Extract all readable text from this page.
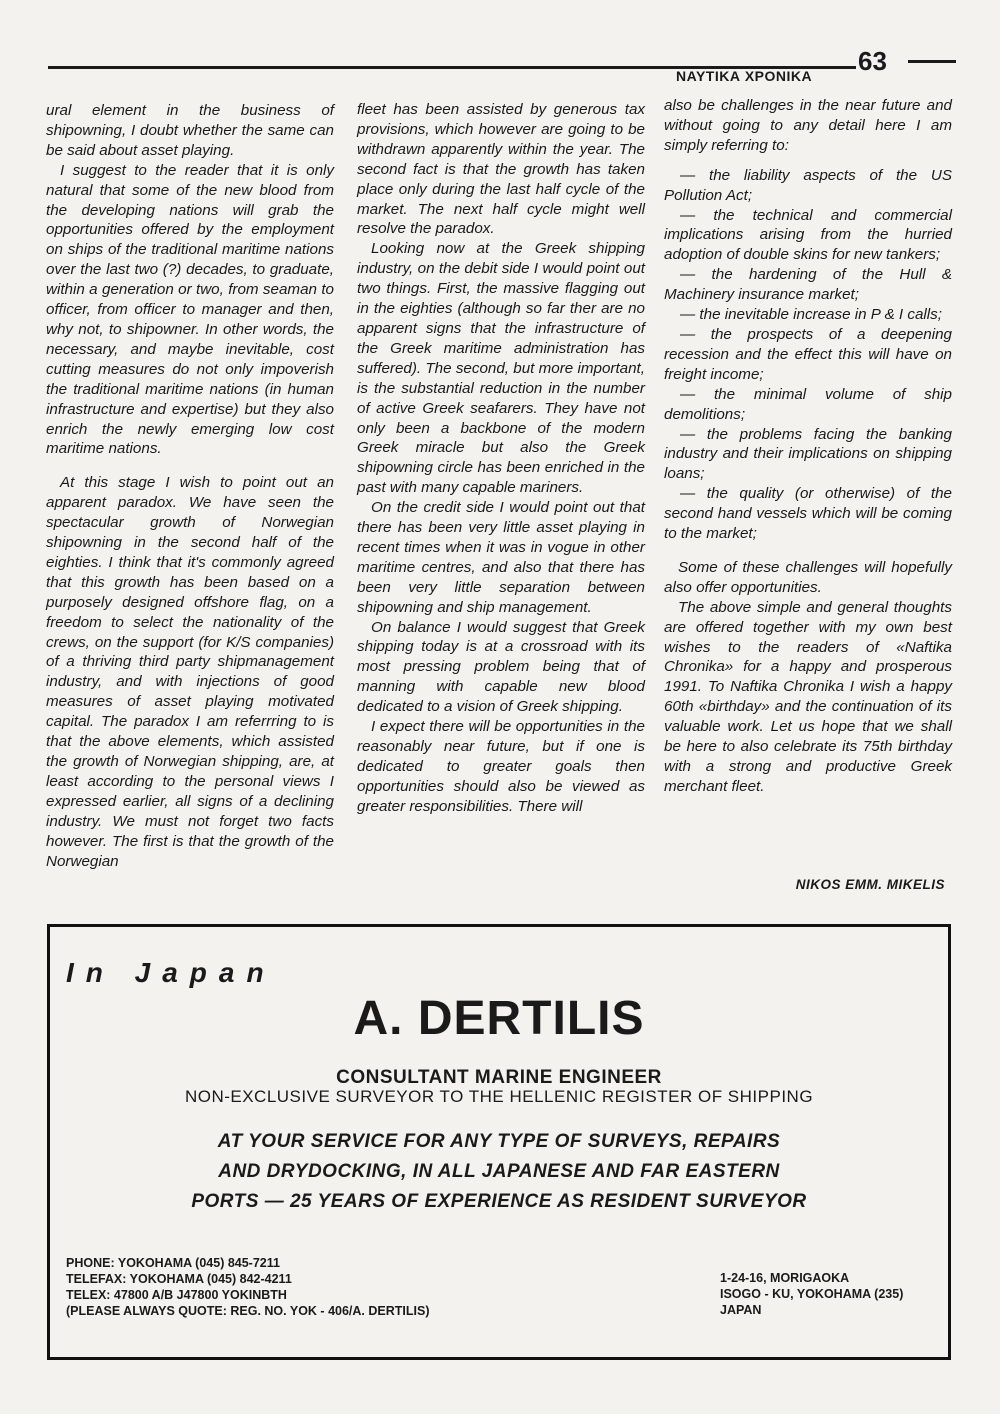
ΝΑΥΤΙΚΑ ΧΡΟΝΙΚΑ 63

ural element in the business of shipowning, I doubt whether the same can be said about asset playing.

I suggest to the reader that it is only natural that some of the new blood from the developing nations will grab the opportunities offered by the employment on ships of the traditional maritime nations over the last two (?) decades, to graduate, within a generation or two, from seaman to officer, from officer to manager and then, why not, to shipowner. In other words, the necessary, and maybe inevitable, cost cutting measures do not only impoverish the traditional maritime nations (in human infrastructure and expertise) but they also enrich the newly emerging low cost maritime nations.

At this stage I wish to point out an apparent paradox. We have seen the spectacular growth of Norwegian shipowning in the second half of the eighties. I think that it's commonly agreed that this growth has been based on a purposely designed offshore flag, on a freedom to select the nationality of the crews, on the support (for K/S companies) of a thriving third party shipmanagement industry, and with injections of good measures of asset playing motivated capital. The paradox I am referrring to is that the above elements, which assisted the growth of Norwegian shipping, are, at least according to the personal views I expressed earlier, all signs of a declining industry. We must not forget two facts however. The first is that the growth of the Norwegian

fleet has been assisted by generous tax provisions, which however are going to be withdrawn apparently within the year. The second fact is that the growth has taken place only during the last half cycle of the market. The next half cycle might well resolve the paradox.

Looking now at the Greek shipping industry, on the debit side I would point out two things. First, the massive flagging out in the eighties (although so far ther are no apparent signs that the infrastructure of the Greek maritime administration has suffered). The second, but more important, is the substantial reduction in the number of active Greek seafarers. They have not only been a backbone of the modern Greek miracle but also the Greek shipowning circle has been enriched in the past with many capable mariners.

On the credit side I would point out that there has been very little asset playing in recent times when it was in vogue in other maritime centres, and also that there has been very little separation between shipowning and ship management.

On balance I would suggest that Greek shipping today is at a crossroad with its most pressing problem being that of manning with capable new blood dedicated to a vision of Greek shipping.

I expect there will be opportunities in the reasonably near future, but if one is dedicated to greater goals then opportunities should also be viewed as greater responsibilities. There will

also be challenges in the near future and without going to any detail here I am simply referring to:

— the liability aspects of the US Pollution Act;

— the technical and commercial implications arising from the hurried adoption of double skins for new tankers;

— the hardening of the Hull & Machinery insurance market;

— the inevitable increase in P & I calls;

— the prospects of a deepening recession and the effect this will have on freight income;

— the minimal volume of ship demolitions;

— the problems facing the banking industry and their implications on shipping loans;

— the quality (or otherwise) of the second hand vessels which will be coming to the market;

Some of these challenges will hopefully also offer opportunities.

The above simple and general thoughts are offered together with my own best wishes to the readers of «Naftika Chronika» for a happy and prosperous 1991. To Naftika Chronika I wish a happy 60th «birthday» and the continuation of its valuable work. Let us hope that we shall be here to also celebrate its 75th birthday with a strong and productive Greek merchant fleet.

NIKOS EMM. MIKELIS
In Japan
A. DERTILIS
CONSULTANT MARINE ENGINEER
NON-EXCLUSIVE SURVEYOR TO THE HELLENIC REGISTER OF SHIPPING
AT YOUR SERVICE FOR ANY TYPE OF SURVEYS, REPAIRS
AND DRYDOCKING, IN ALL JAPANESE AND FAR EASTERN
PORTS — 25 YEARS OF EXPERIENCE AS RESIDENT SURVEYOR
PHONE: YOKOHAMA (045) 845-7211
TELEFAX: YOKOHAMA (045) 842-4211
TELEX: 47800 A/B J47800 YOKINBTH
(PLEASE ALWAYS QUOTE: REG. NO. YOK - 406/A. DERTILIS)
1-24-16, MORIGAOKA
ISOGO - KU, YOKOHAMA (235)
JAPAN
